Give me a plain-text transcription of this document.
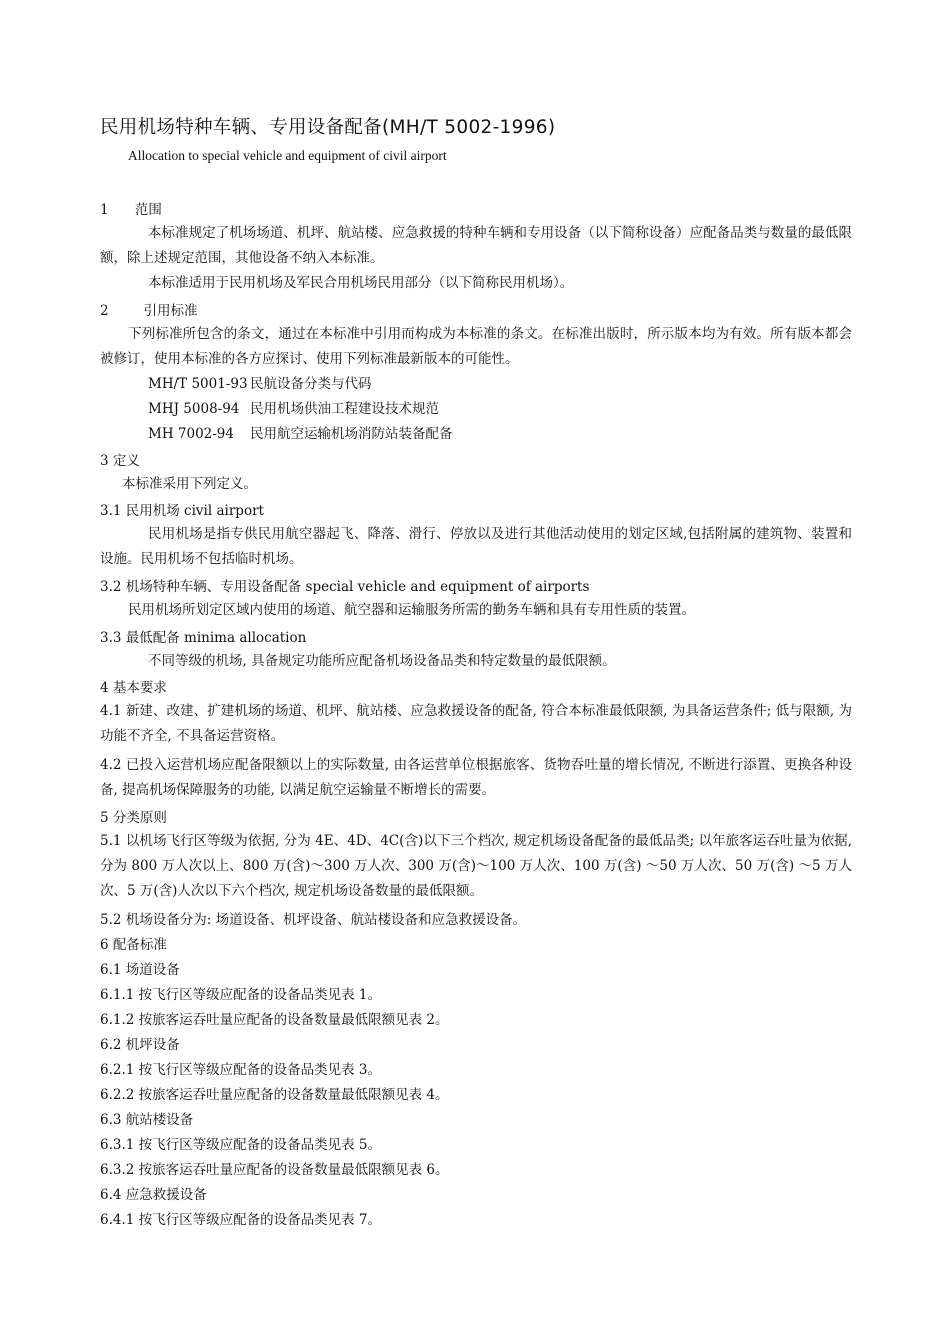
民用机场特种车辆、专用设备配备(MH/T 5002-1996)
Allocation to special vehicle and equipment of civil airport
1 范围

本标准规定了机场场道、机坪、航站楼、应急救援的特种车辆和专用设备（以下简称设备）应配备品类与数量的最低限额，除上述规定范围，其他设备不纳入本标准。

本标准适用于民用机场及军民合用机场民用部分（以下简称民用机场）。

2	引用标准

下列标准所包含的条文，通过在本标准中引用而构成为本标准的条文。在标准出版时，所示版本均为有效。所有版本都会被修订，使用本标准的各方应探讨、使用下列标准最新版本的可能性。

MH/T 5001-93 民航设备分类与代码
MHJ 5008-94 民用机场供油工程建设技术规范
MH 7002-94 民用航空运输机场消防站装备配备
3 定义

本标准采用下列定义。

3.1 民用机场 civil airport

民用机场是指专供民用航空器起飞、降落、滑行、停放以及进行其他活动使用的划定区域,包括附属的建筑物、装置和设施。民用机场不包括临时机场。

3.2 机场特种车辆、专用设备配备 special vehicle and equipment of airports

民用机场所划定区域内使用的场道、航空器和运输服务所需的勤务车辆和具有专用性质的装置。

3.3 最低配备 minima allocation

不同等级的机场, 具备规定功能所应配备机场设备品类和特定数量的最低限额。

4 基本要求

4.1 新建、改建、扩建机场的场道、机坪、航站楼、应急救援设备的配备, 符合本标准最低限额, 为具备运营条件; 低与限额, 为功能不齐全, 不具备运营资格。

4.2 已投入运营机场应配备限额以上的实际数量, 由各运营单位根据旅客、货物吞吐量的增长情况, 不断进行添置、更换各种设备, 提高机场保障服务的功能, 以满足航空运输量不断增长的需要。

5 分类原则

5.1 以机场飞行区等级为依据, 分为 4E、4D、4C(含)以下三个档次, 规定机场设备配备的最低品类; 以年旅客运吞吐量为依据,分为 800 万人次以上、800 万(含)～300 万人次、300 万(含)～100 万人次、100 万(含) ～50 万人次、50 万(含) ～5 万人次、5 万(含)人次以下六个档次, 规定机场设备数量的最低限额。

5.2 机场设备分为: 场道设备、机坪设备、航站楼设备和应急救援设备。

6 配备标准
6.1 场道设备
6.1.1 按飞行区等级应配备的设备品类见表 1。
6.1.2 按旅客运吞吐量应配备的设备数量最低限额见表 2。
6.2 机坪设备
6.2.1 按飞行区等级应配备的设备品类见表 3。
6.2.2 按旅客运吞吐量应配备的设备数量最低限额见表 4。
6.3 航站楼设备
6.3.1 按飞行区等级应配备的设备品类见表 5。
6.3.2 按旅客运吞吐量应配备的设备数量最低限额见表 6。
6.4 应急救援设备
6.4.1 按飞行区等级应配备的设备品类见表 7。
